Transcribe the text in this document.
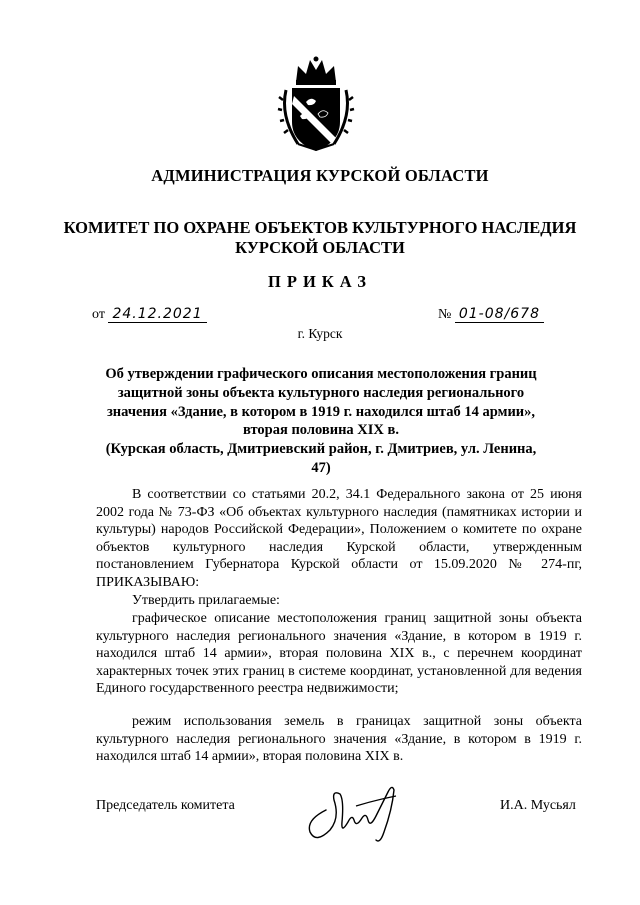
АДМИНИСТРАЦИЯ КУРСКОЙ ОБЛАСТИ
КОМИТЕТ ПО ОХРАНЕ ОБЪЕКТОВ КУЛЬТУРНОГО НАСЛЕДИЯ
КУРСКОЙ ОБЛАСТИ
ПРИКАЗ
от 24.12.2021	№ 01-08/678
г. Курск
Об утверждении графического описания местоположения границ
защитной зоны объекта культурного наследия регионального
значения «Здание, в котором в 1919 г. находился штаб 14 армии»,
вторая половина XIX в.
(Курская область, Дмитриевский район, г. Дмитриев, ул. Ленина, 47)
В соответствии со статьями 20.2, 34.1 Федерального закона от 25 июня 2002 года № 73-ФЗ «Об объектах культурного наследия (памятниках истории и культуры) народов Российской Федерации», Положением о комитете по охране объектов культурного наследия Курской области, утвержденным постановлением Губернатора Курской области от 15.09.2020 № 274-пг, ПРИКАЗЫВАЮ:
Утвердить прилагаемые:
графическое описание местоположения границ защитной зоны объекта культурного наследия регионального значения «Здание, в котором в 1919 г. находился штаб 14 армии», вторая половина XIX в., с перечнем координат характерных точек этих границ в системе координат, установленной для ведения Единого государственного реестра недвижимости;
режим использования земель в границах защитной зоны объекта культурного наследия регионального значения «Здание, в котором в 1919 г. находился штаб 14 армии», вторая половина XIX в.
Председатель комитета	И.А. Мусьял
